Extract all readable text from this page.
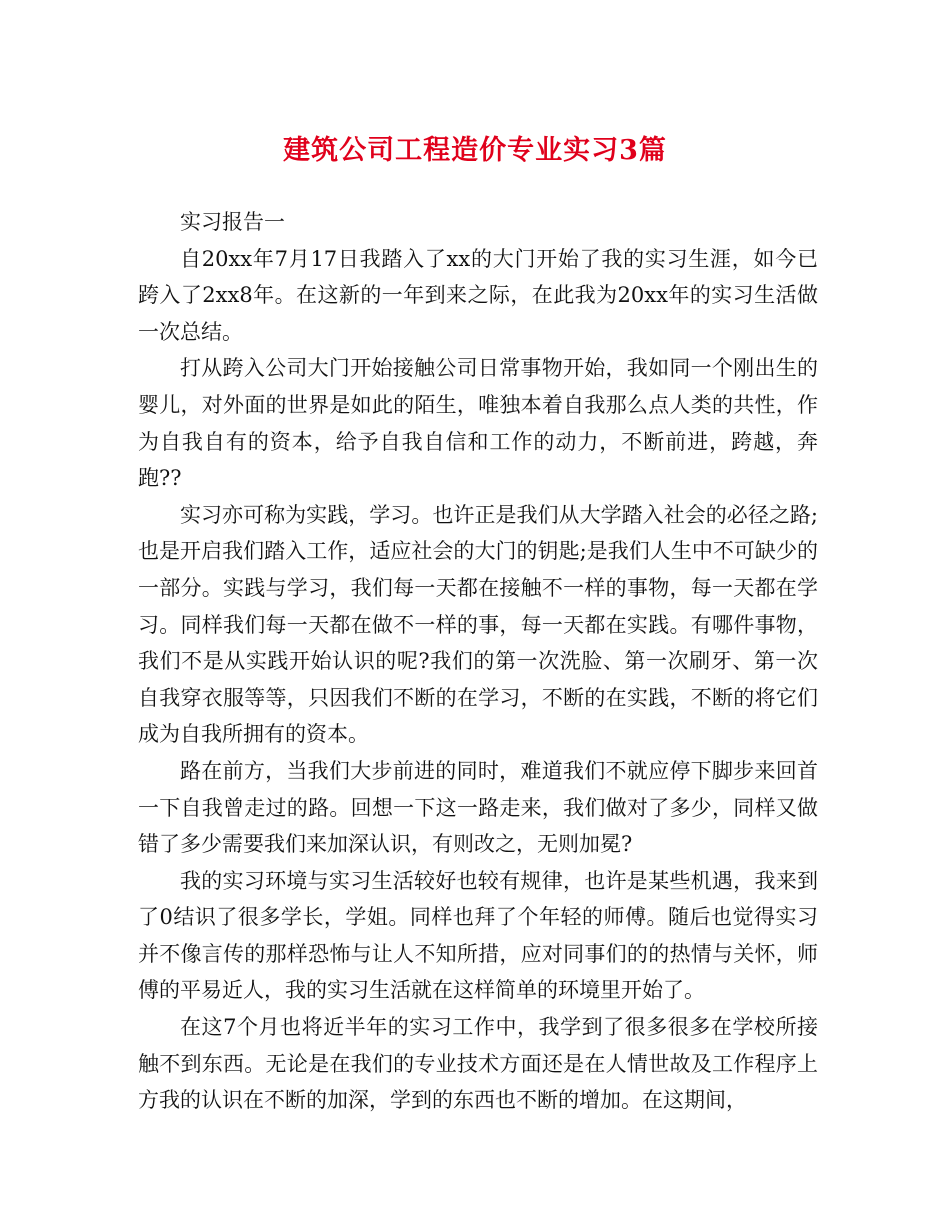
建筑公司工程造价专业实习3篇

实习报告一

自20xx年7月17日我踏入了xx的大门开始了我的实习生涯，如今已跨入了2xx8年。在这新的一年到来之际，在此我为20xx年的实习生活做一次总结。

打从跨入公司大门开始接触公司日常事物开始，我如同一个刚出生的婴儿，对外面的世界是如此的陌生，唯独本着自我那么点人类的共性，作为自我自有的资本，给予自我自信和工作的动力，不断前进，跨越，奔跑??

实习亦可称为实践，学习。也许正是我们从大学踏入社会的必径之路;也是开启我们踏入工作，适应社会的大门的钥匙;是我们人生中不可缺少的一部分。实践与学习，我们每一天都在接触不一样的事物，每一天都在学习。同样我们每一天都在做不一样的事，每一天都在实践。有哪件事物，我们不是从实践开始认识的呢?我们的第一次洗脸、第一次刷牙、第一次自我穿衣服等等，只因我们不断的在学习，不断的在实践，不断的将它们成为自我所拥有的资本。

路在前方，当我们大步前进的同时，难道我们不就应停下脚步来回首一下自我曾走过的路。回想一下这一路走来，我们做对了多少，同样又做错了多少需要我们来加深认识，有则改之，无则加冕?

我的实习环境与实习生活较好也较有规律，也许是某些机遇，我来到了0结识了很多学长，学姐。同样也拜了个年轻的师傅。随后也觉得实习并不像言传的那样恐怖与让人不知所措，应对同事们的的热情与关怀，师傅的平易近人，我的实习生活就在这样简单的环境里开始了。

在这7个月也将近半年的实习工作中，我学到了很多很多在学校所接触不到东西。无论是在我们的专业技术方面还是在人情世故及工作程序上方我的认识在不断的加深，学到的东西也不断的增加。在这期间，
